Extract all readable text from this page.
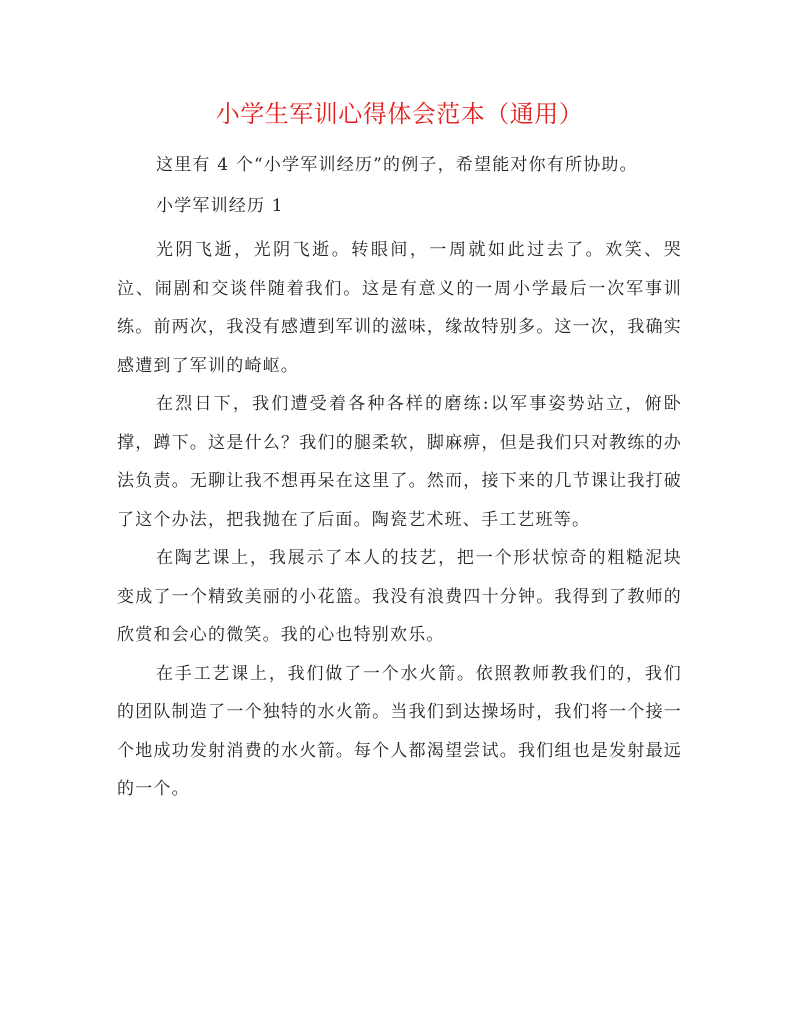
小学生军训心得体会范本（通用）

这里有 4 个“小学军训经历”的例子，希望能对你有所协助。

小学军训经历 1

光阴飞逝，光阴飞逝。转眼间，一周就如此过去了。欢笑、哭泣、闹剧和交谈伴随着我们。这是有意义的一周小学最后一次军事训练。前两次，我没有感遭到军训的滋味，缘故特别多。这一次，我确实感遭到了军训的崎岖。

在烈日下，我们遭受着各种各样的磨练:以军事姿势站立，俯卧撑，蹲下。这是什么？我们的腿柔软，脚麻痹，但是我们只对教练的办法负责。无聊让我不想再呆在这里了。然而，接下来的几节课让我打破了这个办法，把我抛在了后面。陶瓷艺术班、手工艺班等。

在陶艺课上，我展示了本人的技艺，把一个形状惊奇的粗糙泥块变成了一个精致美丽的小花篮。我没有浪费四十分钟。我得到了教师的欣赏和会心的微笑。我的心也特别欢乐。

在手工艺课上，我们做了一个水火箭。依照教师教我们的，我们的团队制造了一个独特的水火箭。当我们到达操场时，我们将一个接一个地成功发射消费的水火箭。每个人都渴望尝试。我们组也是发射最远的一个。
